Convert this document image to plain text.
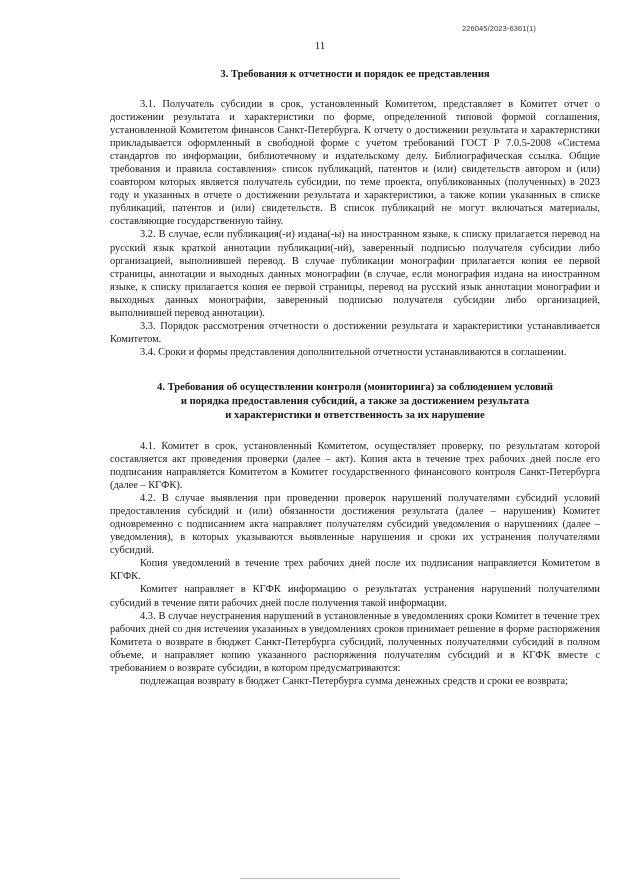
226045/2023-6361(1)
11
3. Требования к отчетности и порядок ее представления

3.1. Получатель субсидии в срок, установленный Комитетом, представляет в Комитет отчет о достижении результата и характеристики по форме, определенной типовой формой соглашения, установленной Комитетом финансов Санкт-Петербурга. К отчету о достижении результата и характеристики прикладывается оформленный в свободной форме с учетом требований ГОСТ Р 7.0.5-2008 «Система стандартов по информации, библиотечному и издательскому делу. Библиографическая ссылка. Общие требования и правила составления» список публикаций, патентов и (или) свидетельств автором и (или) соавтором которых является получатель субсидии, по теме проекта, опубликованных (полученных) в 2023 году и указанных в отчете о достижении результата и характеристики, а также копии указанных в списке публикаций, патентов и (или) свидетельств. В список публикаций не могут включаться материалы, составляющие государственную тайну.

3.2. В случае, если публикация(-и) издана(-ы) на иностранном языке, к списку прилагается перевод на русский язык краткой аннотации публикации(-ий), заверенный подписью получателя субсидии либо организацией, выполнившей перевод. В случае публикации монографии прилагается копия ее первой страницы, аннотации и выходных данных монографии (в случае, если монография издана на иностранном языке, к списку прилагается копия ее первой страницы, перевод на русский язык аннотации монографии и выходных данных монографии, заверенный подписью получателя субсидии либо организацией, выполнившей перевод аннотации).

3.3. Порядок рассмотрения отчетности о достижении результата и характеристики устанавливается Комитетом.

3.4. Сроки и формы представления дополнительной отчетности устанавливаются в соглашении.

4. Требования об осуществлении контроля (мониторинга) за соблюдением условий
и порядка предоставления субсидий, а также за достижением результата
и характеристики и ответственность за их нарушение

4.1. Комитет в срок, установленный Комитетом, осуществляет проверку, по результатам которой составляется акт проведения проверки (далее – акт). Копия акта в течение трех рабочих дней после его подписания направляется Комитетом в Комитет государственного финансового контроля Санкт-Петербурга (далее – КГФК).

4.2. В случае выявления при проведении проверок нарушений получателями субсидий условий предоставления субсидий и (или) обязанности достижения результата (далее – нарушения) Комитет одновременно с подписанием акта направляет получателям субсидий уведомления о нарушениях (далее – уведомления), в которых указываются выявленные нарушения и сроки их устранения получателями субсидий.

Копия уведомлений в течение трех рабочих дней после их подписания направляется Комитетом в КГФК.

Комитет направляет в КГФК информацию о результатах устранения нарушений получателями субсидий в течение пяти рабочих дней после получения такой информации.

4.3. В случае неустранения нарушений в установленные в уведомлениях сроки Комитет в течение трех рабочих дней со дня истечения указанных в уведомлениях сроков принимает решение в форме распоряжения Комитета о возврате в бюджет Санкт-Петербурга субсидий, полученных получателями субсидий в полном объеме, и направляет копию указанного распоряжения получателям субсидий и в КГФК вместе с требованием о возврате субсидии, в котором предусматриваются:

подлежащая возврату в бюджет Санкт-Петербурга сумма денежных средств и сроки ее возврата;
